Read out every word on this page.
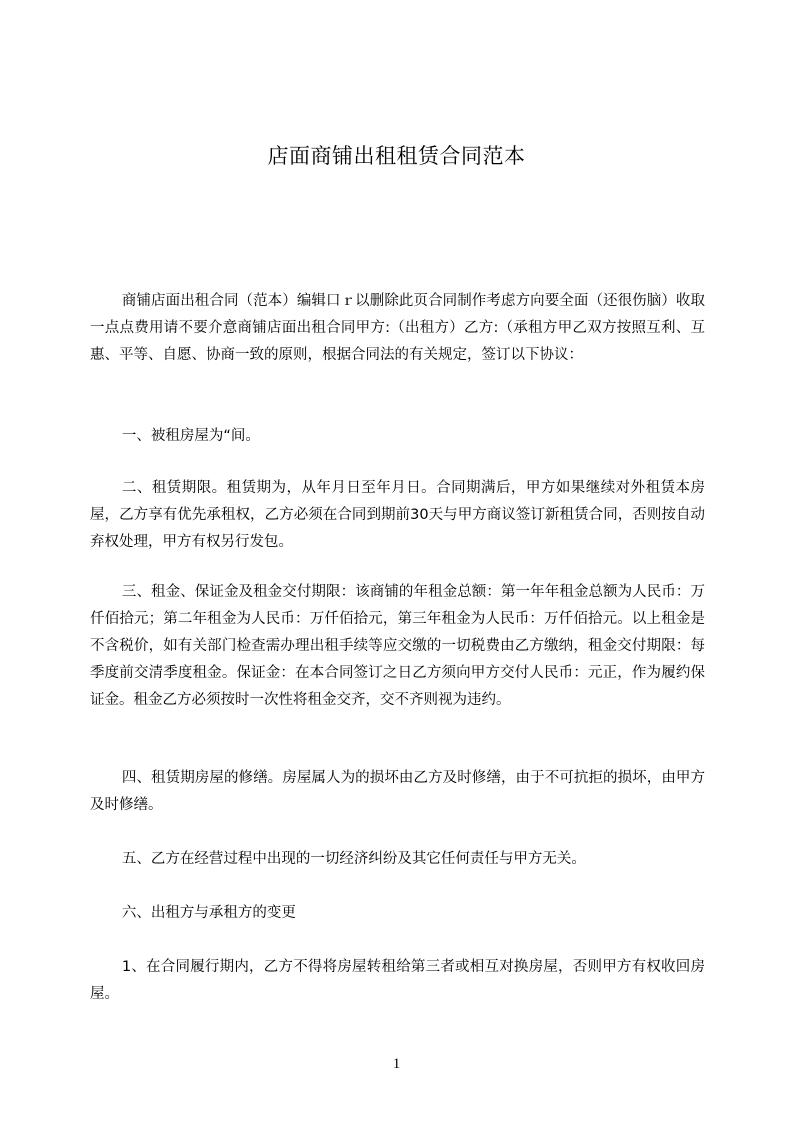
店面商铺出租租赁合同范本

商铺店面出租合同（范本）编辑口ｒ以删除此页合同制作考虑方向要全面（还很伤脑）收取一点点费用请不要介意商铺店面出租合同甲方:（出租方）乙方:（承租方甲乙双方按照互利、互惠、平等、自愿、协商一致的原则，根据合同法的有关规定，签订以下协议：

一、被租房屋为“间。

二、租赁期限。租赁期为，从年月日至年月日。合同期满后，甲方如果继续对外租赁本房屋，乙方享有优先承租权，乙方必须在合同到期前30天与甲方商议签订新租赁合同，否则按自动弃权处理，甲方有权另行发包。

三、租金、保证金及租金交付期限：该商铺的年租金总额：第一年年租金总额为人民币：万仟佰拾元；第二年租金为人民币：万仟佰拾元，第三年租金为人民币：万仟佰拾元。以上租金是不含税价，如有关部门检查需办理出租手续等应交缴的一切税费由乙方缴纳，租金交付期限：每季度前交清季度租金。保证金：在本合同签订之日乙方须向甲方交付人民币：元正，作为履约保证金。租金乙方必须按时一次性将租金交齐，交不齐则视为违约。

四、租赁期房屋的修缮。房屋属人为的损坏由乙方及时修缮，由于不可抗拒的损坏，由甲方及时修缮。

五、乙方在经营过程中出现的一切经济纠纷及其它任何责任与甲方无关。

六、出租方与承租方的变更

1、在合同履行期内，乙方不得将房屋转租给第三者或相互对换房屋，否则甲方有权收回房屋。

1
